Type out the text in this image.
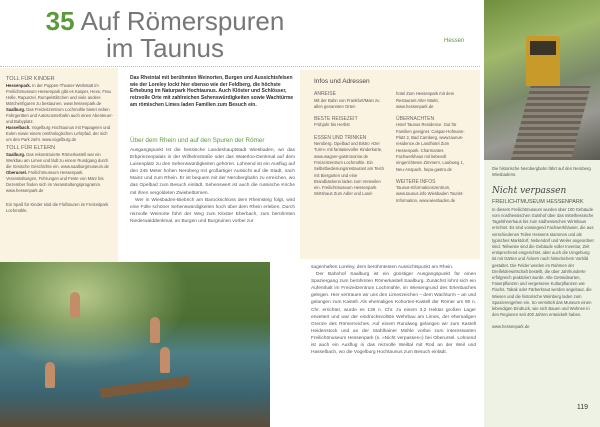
35 Auf Römerspuren im Taunus	Hessen
TOLL FÜR KINDER

Hessenpark. In der Puppen-Theater-Werkstatt im Freilichtmuseum Hessenpark gibt es Kasper, Hexe, Frau Holle, Rapunzel, Rumpelstilzchen und viele andere Märchenfiguren zu bestaunen. www.hessenpark.de

Saalburg. Das Freizeitzentrum Lochmühle bietet neben Fahrgeräten und Autoscooterbahn auch einen Abenteuer- und Babyplatz.

Hasselbach. Vogelburg Hochtaunus mit Papageien und Eulen sowie einem ornithologischen Lehrpfad, der sich um den Park zieht. www.vogelburg.de

TOLL FÜR ELTERN

Saalburg. Das rekonstruierte Römerkastell war ein Werkbau am Limes und lädt zu einem Rundgang durch die römische Geschichte ein. www.saalburgmuseum.de

Oberursel. Freilichtmuseum Hessenpark. Veranstaltungen, Führungen und Feste von März bis Dezember finden sich im Veranstaltungsprogramm. www.hessenpark.de

Ein Spaß für Kinder sind die Floßtouren im Freizeitpark Lochmühle.

Das Rheintal mit berühmten Weinorten, Burgen und Aussichtsfelsen wie der Loreley lockt hier ebenso wie der Feldberg, die höchste Erhebung im Naturpark Hochtaunus. Auch Klöster und Schlösser, reizvolle Orte mit zahlreichen Sehenswürdigkeiten sowie Wachtürme am römischen Limes laden Familien zum Besuch ein.
Über dem Rhein und auf den Spuren der Römer

Ausgangspunkt ist die hessische Landeshauptstadt Wiesbaden, wo das Erbprinzenpalais in der Wilhelmstraße oder das Waterloo-Denkmal auf dem Luisenplatz zu den Sehenswürdigkeiten gehören. Lohnend ist ein Ausflug auf den 245 Meter hohen Neroberg mit großartiger Aussicht auf die Stadt, nach Mainz und zum Rhein. Er ist bequem mit der Nerobergbahn zu erreichen, wo das Opelbad zum Besuch einlädt. Sehenswert ist auch die russische Kirche mit ihren vergoldeten Zwiebeltürmen.

Wer in Wiesbaden-Biebrich am Barockschloss dem Rheinsteig folgt, wird eine Fülle schöner Sehenswürdigkeiten hoch über dem Rhein erleben. Durch reizvolle Weinorte führt der Weg zum Kloster Eberbach, zum berühmten Niederwalddenkmal, an Burgen und Burgruinen vorbei zur

Infos und Adressen
ANREISE

Mit der Bahn von Frankfurt/Main zu allen genannten Orten

BESTE REISEZEIT

Frühjahr bis Herbst

ESSEN UND TRINKEN

Neroberg. Opelbad und Bistro »Der Turm« mit fantasievoller Kinderkarte, www.wagner-gastronomie.de Freizeitzentrum Lochmühle. Ein Selbstbedienungsrestaurant am Teich mit Biergarten und eine Brandbäckerei laden zum Verweilen ein. Freilichtmuseum Hessenpark. Wirtshaus Zum Adler und Land-

hotel Zum Hessenpark mit dem Restaurant Alter Markt, www.hessenpark.de

ÜBERNACHTEN

Hotel Taunus Residence. Gut für Familien geeignet. Caspar-Hofmann-Platz 2, Bad Camberg, www.taunus-residence.de Landhotel Zum Hessenpark. Charmantes Fachwerkhaus mit liebevoll eingerichteten Zimmern, Laubweg 1, Neu-Anspach, hepa-gastro.de

WEITERE INFOS

Taunus-Informationszentrum, www.taunus.info Wiesbaden Tourist-Information, www.wiesbaden.de

Die historische Nerobergbahn fährt auf den Neroberg Wiesbadens.

Nicht verpassen
FREILICHTMUSEUM HESSENPARK

In diesem Freilichtmuseum wurden über 100 Gebäude vom nordhessischen Gutshof über das mittelhessische Tagelöhnerhaus bis zum südhessischen Wirtshaus errichtet. Es sind vorwiegend Fachwerkhäuser, die aus verschiedenen Teilen Hessens stammen und als typisches Marktdorf, Nebendorf und Weiler angeordnet sind. Teilweise sind die Gebäude voller Inventar, Zeit entsprechend eingerichtet, aber auch die Umgebung ist mit Gärten und Äckern nach historischem Vorbild gestaltet. Die Felder werden im Rahmen der Dreifelderwirtschaft bestellt, die über Jahrhunderte erfolgreich praktiziert wurde. Alte Getreidearten, Faserpflanzen und vergessene Kulturpflanzen wie Flachs, Tabak oder Färberkraut werden angebaut, die Wiesen und die historische Weinberg laden zum Spazierengehen ein. So vermittelt das Museum einen lebendigen Eindruck, wie sich Bauen und Wohnen in den Regionen seit 400 Jahren entwickelt haben.

www.hessenpark.de

119

sagenhaften Loreley, dem berühmtesten Aussichtspunkt am Rhein.

Der Bahnhof Saalburg ist ein günstiger Ausgangspunkt für einen Spaziergang zum berühmten Römerkastell Saalburg. Zunächst lohnt sich ein Aufenthalt im Freizeitzentrum Lochmühle, im Wiesengrund des Erlenbaches gelegen. Hier vertrauen wir uns den Limeszeichen – dem Wachturm – an und gelangen zum Kastell. Als ehemaliges Kohorten-Kastell der Römer um 90 n. Chr. errichtet, wurde es 135 n. Chr. zu einem 3,2 Hektar großen Lager erweitert und war der eindrucksvollste Wehrbau am Limes, der ehemaligen Grenze des Römerreiches. Auf einem Rundweg gelangen wir zum Kastell Heidenstock und an der Stahlhainer Mühle vorbei zum interessanten Freilichtmuseum Hessenpark (s. »Nicht verpassen«) bei Oberursel. Lohnend ist auch ein Ausflug in das reizvolle Weiltal mit Rod an der Weil und Hasselbach, wo die Vogelburg Hochtaunus zum Besuch einlädt.
